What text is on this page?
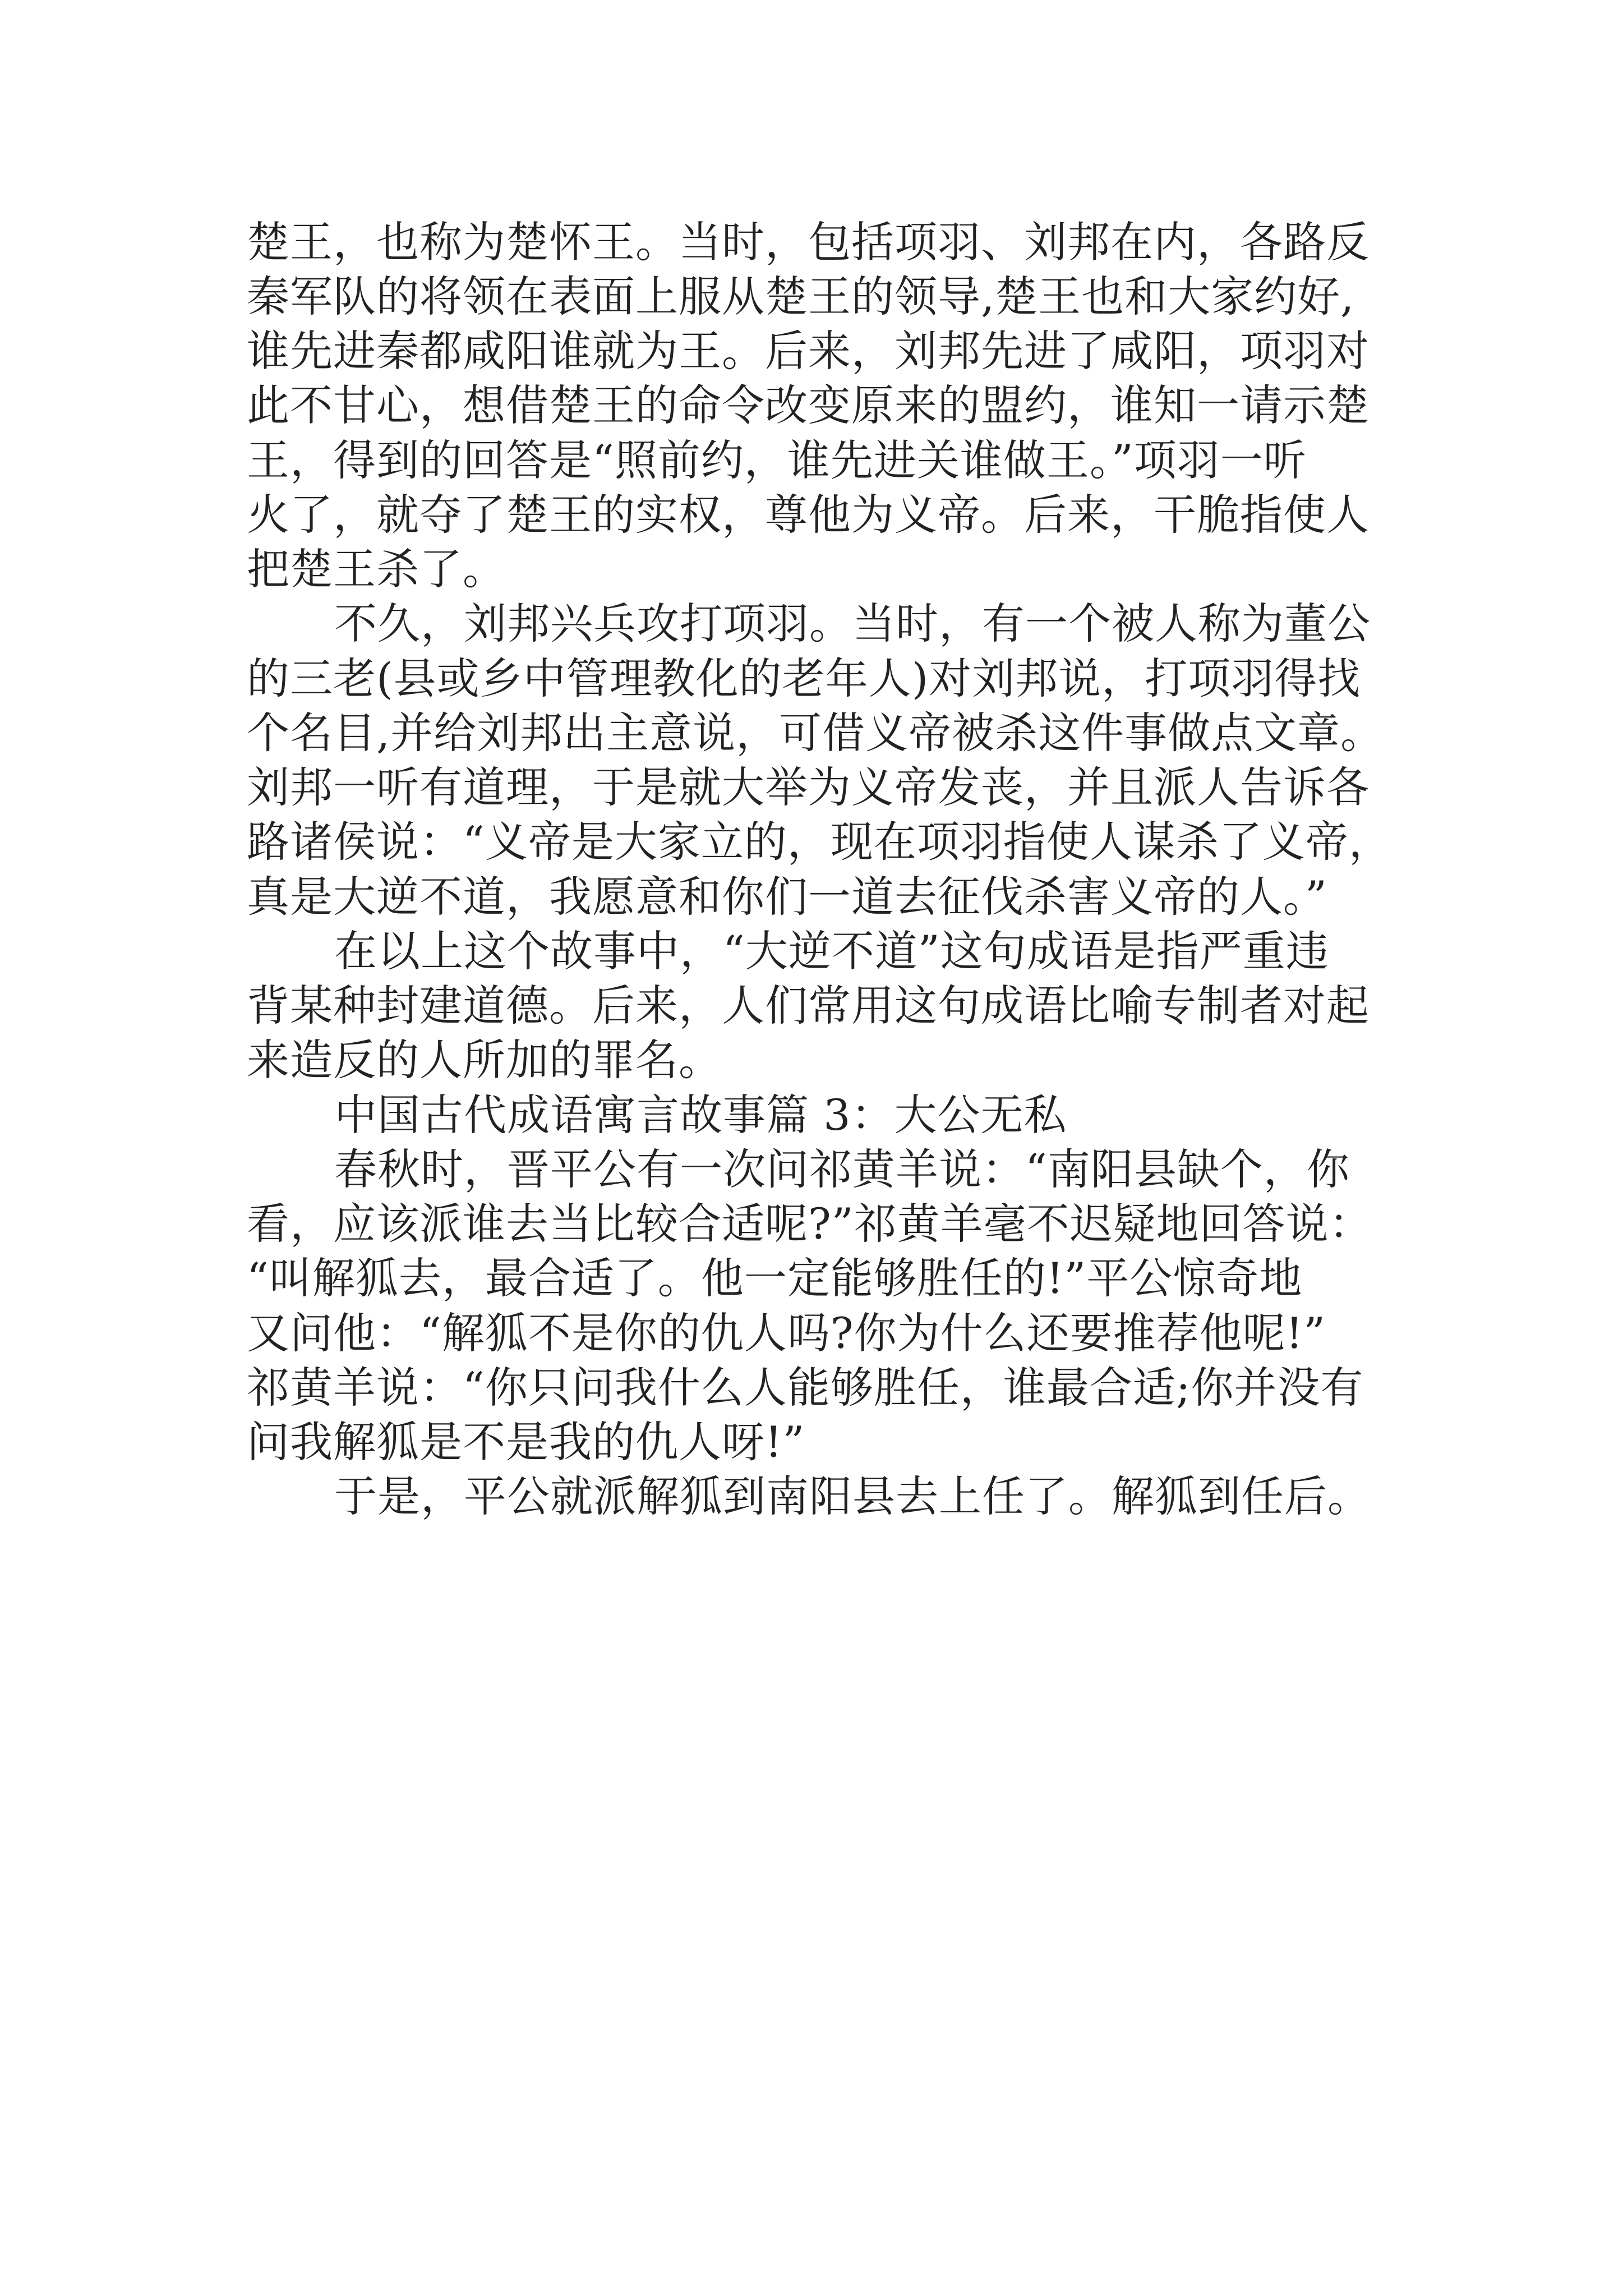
楚王，也称为楚怀王。当时，包括项羽、刘邦在内，各路反
秦军队的将领在表面上服从楚王的领导,楚王也和大家约好,
谁先进秦都咸阳谁就为王。后来，刘邦先进了咸阳，项羽对
此不甘心，想借楚王的命令改变原来的盟约，谁知一请示楚
王，得到的回答是“照前约，谁先进关谁做王。”项羽一听
火了，就夺了楚王的实权，尊他为义帝。后来，干脆指使人
把楚王杀了。
不久，刘邦兴兵攻打项羽。当时，有一个被人称为董公
的三老(县或乡中管理教化的老年人)对刘邦说，打项羽得找
个名目,并给刘邦出主意说，可借义帝被杀这件事做点文章。
刘邦一听有道理，于是就大举为义帝发丧，并且派人告诉各
路诸侯说：“义帝是大家立的，现在项羽指使人谋杀了义帝，
真是大逆不道，我愿意和你们一道去征伐杀害义帝的人。”
在以上这个故事中，“大逆不道”这句成语是指严重违
背某种封建道德。后来，人们常用这句成语比喻专制者对起
来造反的人所加的罪名。
中国古代成语寓言故事篇 3：大公无私
春秋时，晋平公有一次问祁黄羊说：“南阳县缺个，你
看，应该派谁去当比较合适呢?”祁黄羊毫不迟疑地回答说：
“叫解狐去，最合适了。他一定能够胜任的!”平公惊奇地
又问他：“解狐不是你的仇人吗?你为什么还要推荐他呢!”
祁黄羊说：“你只问我什么人能够胜任，谁最合适;你并没有
问我解狐是不是我的仇人呀!”
于是，平公就派解狐到南阳县去上任了。解狐到任后。
